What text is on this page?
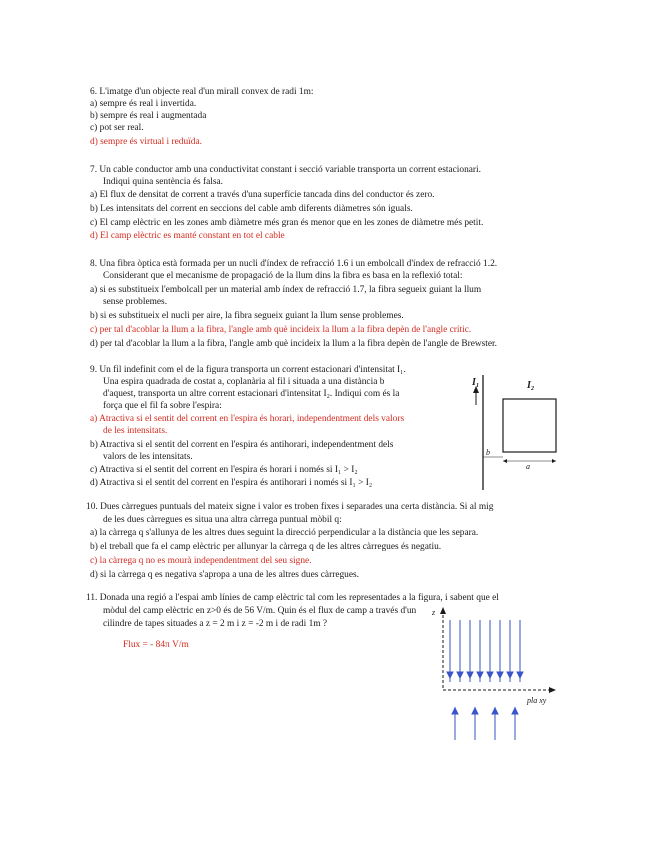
6. L'imatge d'un objecte real d'un mirall convex de radi 1m:
a) sempre és real i invertida.
b) sempre és real i augmentada
c) pot ser real.
d) sempre és virtual i reduïda.
7. Un cable conductor amb una conductivitat constant i secció variable transporta un corrent estacionari.
Indiqui quina sentència és falsa.
a) El flux de densitat de corrent a través d'una superfície tancada dins del conductor és zero.
b) Les intensitats del corrent en seccions del cable amb diferents diàmetres són iguals.
c) El camp elèctric en les zones amb diàmetre més gran és menor que en les zones de diàmetre més petit.
d) El camp elèctric es manté constant en tot el cable
8. Una fibra òptica està formada per un nucli d'índex de refracció 1.6 i un embolcall d'índex de refracció 1.2.
Considerant que el mecanisme de propagació de la llum dins la fibra es basa en la reflexió total:
a) si es substitueix l'embolcall per un material amb índex de refracció 1.7, la fibra segueix guiant la llum
sense problemes.
b) si es substitueix el nucli per aire, la fibra segueix guiant la llum sense problemes.
c) per tal d'acoblar la llum a la fibra, l'angle amb què incideix la llum a la fibra depèn de l'angle crític.
d) per tal d'acoblar la llum a la fibra, l'angle amb què incideix la llum a la fibra depèn de l'angle de Brewster.
9. Un fil indefinit com el de la figura transporta un corrent estacionari d'intensitat I₁.
Una espira quadrada de costat a, coplanària al fil i situada a una distància b
d'aquest, transporta un altre corrent estacionari d'intensitat I₂. Indiqui com és la
força que el fil fa sobre l'espira:
a) Atractiva si el sentit del corrent en l'espira és horari, independentment dels valors
de les intensitats.
b) Atractiva si el sentit del corrent en l'espira és antihorari, independentment dels
valors de les intensitats.
c) Atractiva si el sentit del corrent en l'espira és horari i només si I₁ > I₂
d) Atractiva si el sentit del corrent en l'espira és antihorari i només si I₁ > I₂
I₁	I₂
b
a
10. Dues càrregues puntuals del mateix signe i valor es troben fixes i separades una certa distància. Si al mig
de les dues càrregues es situa una altra càrrega puntual mòbil q:
a) la càrrega q s'allunya de les altres dues seguint la direcció perpendicular a la distància que les separa.
b) el treball que fa el camp elèctric per allunyar la càrrega q de les altres càrregues és negatiu.
c) la càrrega q no es mourà independentment del seu signe.
d) si la càrrega q es negativa s'apropa a una de les altres dues càrregues.
11. Donada una regió a l'espai amb línies de camp elèctric tal com les representades a la figura, i sabent que el
mòdul del camp elèctric en z>0 és de 56 V/m. Quin és el flux de camp a través d'un
cilindre de tapes situades a z = 2 m i z = -2 m i de radi 1m ?
Flux = - 84π V/m
z
pla xy
